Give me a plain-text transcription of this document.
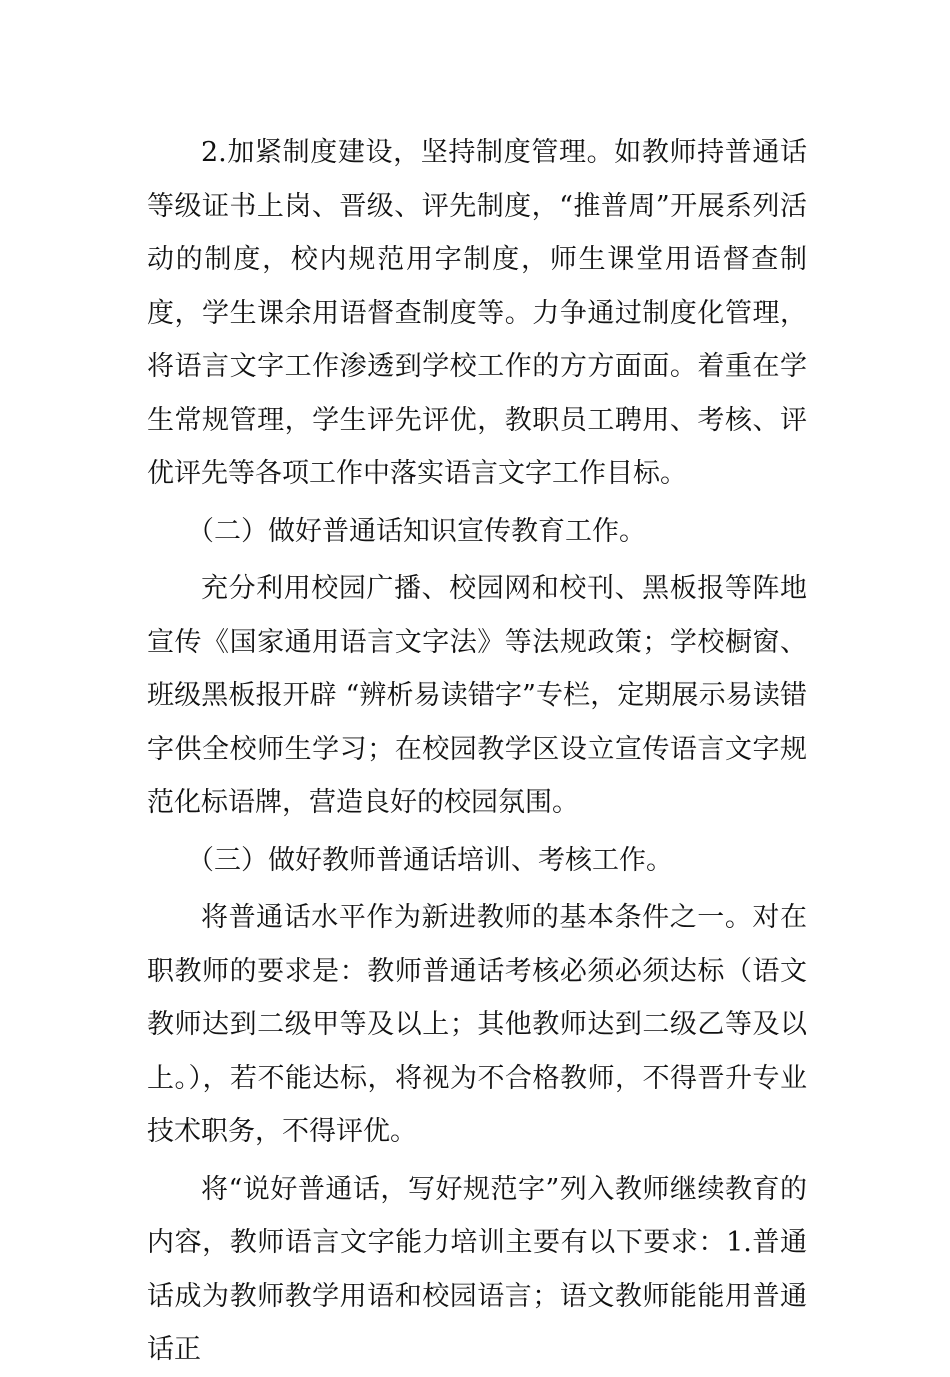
2.加紧制度建设，坚持制度管理。如教师持普通话等级证书上岗、晋级、评先制度，“推普周”开展系列活动的制度，校内规范用字制度，师生课堂用语督查制度，学生课余用语督查制度等。力争通过制度化管理，将语言文字工作渗透到学校工作的方方面面。着重在学生常规管理，学生评先评优，教职员工聘用、考核、评优评先等各项工作中落实语言文字工作目标。

（二）做好普通话知识宣传教育工作。

充分利用校园广播、校园网和校刊、黑板报等阵地宣传《国家通用语言文字法》等法规政策；学校橱窗、班级黑板报开辟 “辨析易读错字”专栏，定期展示易读错字供全校师生学习；在校园教学区设立宣传语言文字规范化标语牌，营造良好的校园氛围。

（三）做好教师普通话培训、考核工作。

将普通话水平作为新进教师的基本条件之一。对在职教师的要求是：教师普通话考核必须必须达标（语文教师达到二级甲等及以上；其他教师达到二级乙等及以上。），若不能达标，将视为不合格教师，不得晋升专业技术职务，不得评优。

将“说好普通话，写好规范字”列入教师继续教育的内容，教师语言文字能力培训主要有以下要求：1.普通话成为教师教学用语和校园语言；语文教师能能用普通话正
